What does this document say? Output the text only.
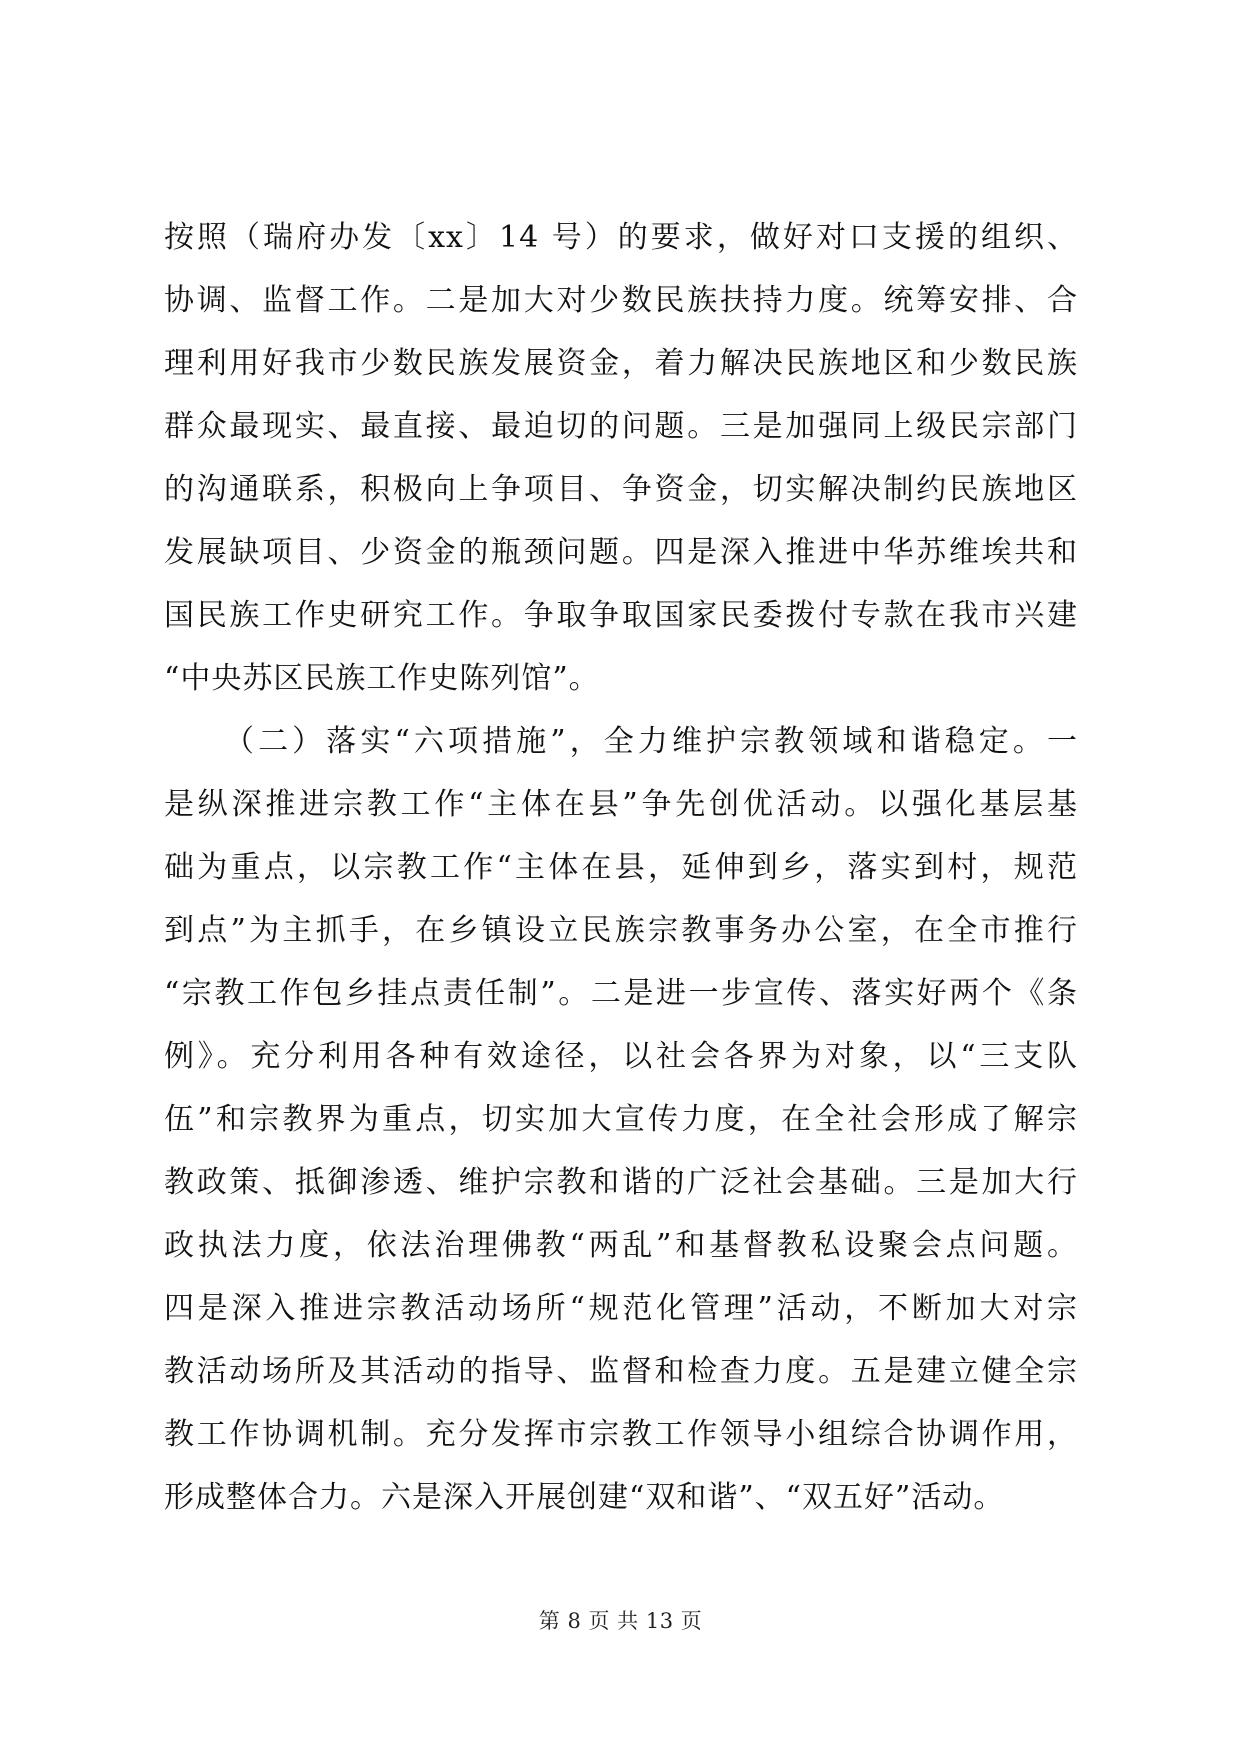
按照（瑞府办发〔xx〕14 号）的要求，做好对口支援的组织、
协调、监督工作。二是加大对少数民族扶持力度。统筹安排、合
理利用好我市少数民族发展资金，着力解决民族地区和少数民族
群众最现实、最直接、最迫切的问题。三是加强同上级民宗部门
的沟通联系，积极向上争项目、争资金，切实解决制约民族地区
发展缺项目、少资金的瓶颈问题。四是深入推进中华苏维埃共和
国民族工作史研究工作。争取争取国家民委拨付专款在我市兴建
“中央苏区民族工作史陈列馆”。
（二）落实“六项措施”，全力维护宗教领域和谐稳定。一
是纵深推进宗教工作“主体在县”争先创优活动。以强化基层基
础为重点，以宗教工作“主体在县，延伸到乡，落实到村，规范
到点”为主抓手，在乡镇设立民族宗教事务办公室，在全市推行
“宗教工作包乡挂点责任制”。二是进一步宣传、落实好两个《条
例》。充分利用各种有效途径，以社会各界为对象，以“三支队
伍”和宗教界为重点，切实加大宣传力度，在全社会形成了解宗
教政策、抵御渗透、维护宗教和谐的广泛社会基础。三是加大行
政执法力度，依法治理佛教“两乱”和基督教私设聚会点问题。
四是深入推进宗教活动场所“规范化管理”活动，不断加大对宗
教活动场所及其活动的指导、监督和检查力度。五是建立健全宗
教工作协调机制。充分发挥市宗教工作领导小组综合协调作用，
形成整体合力。六是深入开展创建“双和谐”、“双五好”活动。
第 8 页 共 13 页
